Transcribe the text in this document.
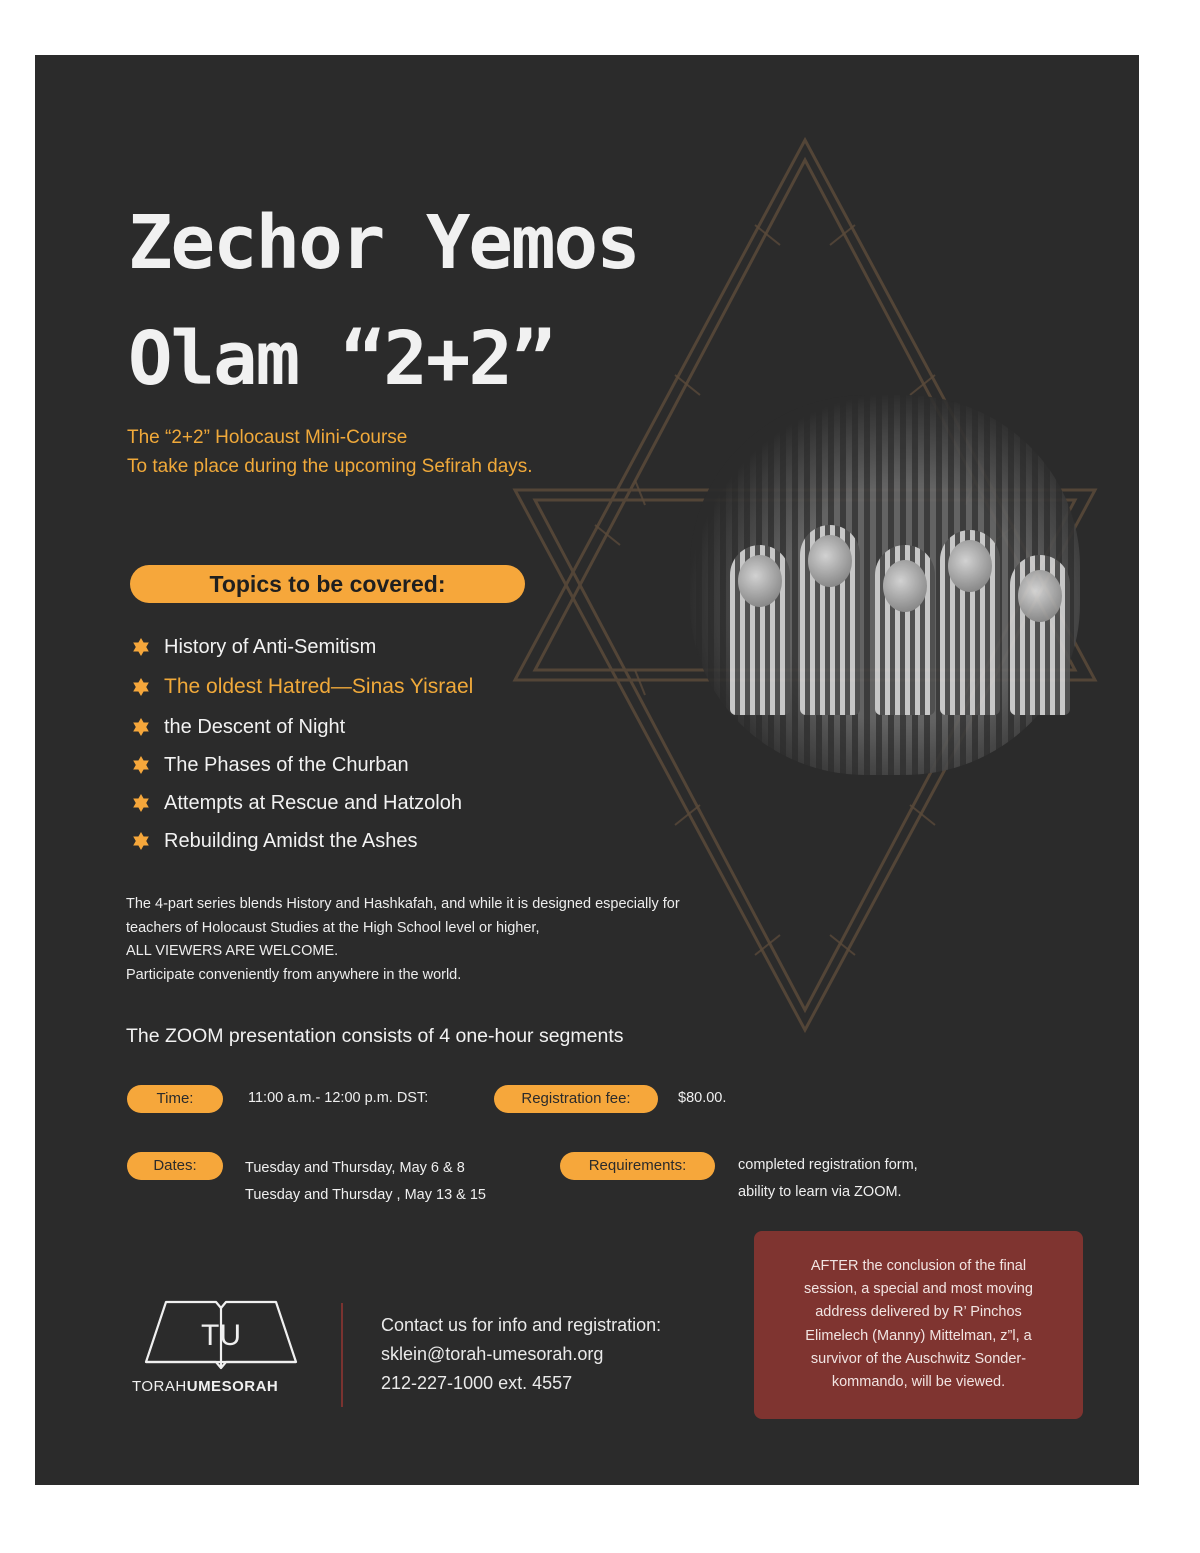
Zechor Yemos
Olam “2+2”
The “2+2” Holocaust Mini-Course
To take place during the upcoming Sefirah days.
Topics to be covered:
History of Anti-Semitism
The oldest Hatred—Sinas Yisrael
the Descent of Night
The Phases of the Churban
Attempts at Rescue and Hatzoloh
Rebuilding Amidst the Ashes
The 4-part series blends History and Hashkafah, and while it is designed especially for
teachers of Holocaust Studies at the High School level or higher,
ALL VIEWERS ARE WELCOME.
Participate conveniently from anywhere in the world.
The ZOOM presentation consists of 4 one-hour segments
Time:	11:00 a.m.- 12:00 p.m. DST:	Registration fee:	$80.00.
Dates:	Tuesday and Thursday, May 6 & 8
Tuesday and Thursday , May 13 & 15
Requirements:	completed registration form,
ability to learn via ZOOM.
TU
TORAHUMESORAH
Contact us for info and registration:
sklein@torah-umesorah.org
212-227-1000 ext. 4557
AFTER the conclusion of the final
session, a special and most moving
address delivered by R’ Pinchos
Elimelech (Manny) Mittelman, z”l, a
survivor of the Auschwitz Sonder-
kommando, will be viewed.
